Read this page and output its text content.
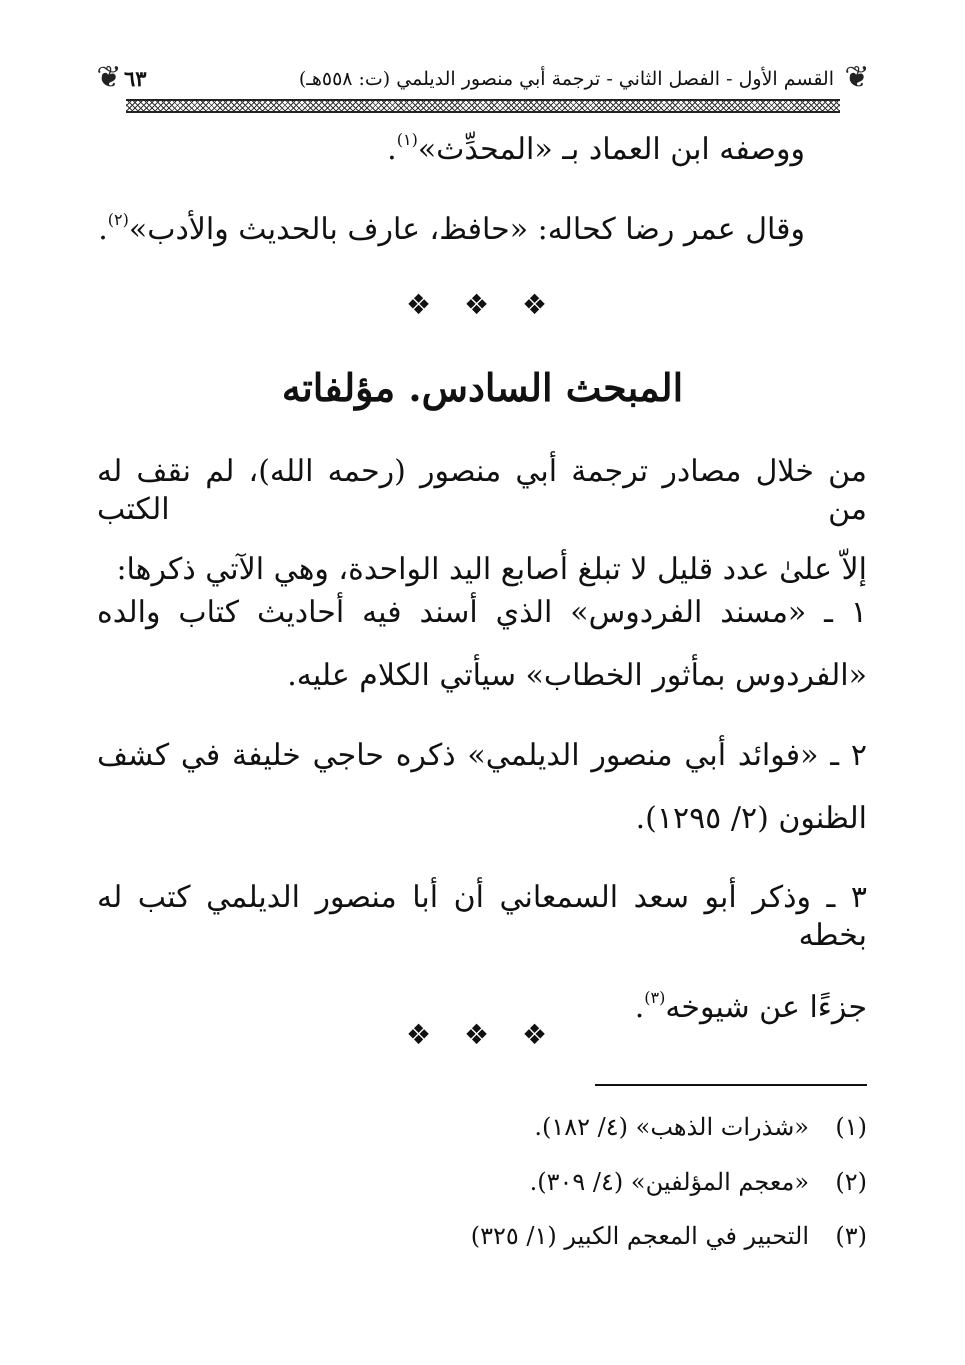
❦
القسم الأول - الفصل الثاني - ترجمة أبي منصور الديلمي (ت: ٥٥٨هـ)
٦٣
❦
ووصفه ابن العماد بـ «المحدِّث»$^{(١)}$.
وقال عمر رضا كحاله: «حافظ، عارف بالحديث والأدب»$^{(٢)}$.
❖ ❖ ❖
المبحث السادس. مؤلفاته
من خلال مصادر ترجمة أبي منصور (رحمه الله)، لم نقف له من الكتب
إلاّ علىٰ عدد قليل لا تبلغ أصابع اليد الواحدة، وهي الآتي ذكرها:
١ ـ «مسند الفردوس» الذي أسند فيه أحاديث كتاب والده
«الفردوس بمأثور الخطاب» سيأتي الكلام عليه.
٢ ـ «فوائد أبي منصور الديلمي» ذكره حاجي خليفة في كشف
الظنون (٢/ ١٢٩٥).
٣ ـ وذكر أبو سعد السمعاني أن أبا منصور الديلمي كتب له بخطه
جزءًا عن شيوخه$^{(٣)}$.
❖ ❖ ❖
(١)«شذرات الذهب» (٤/ ١٨٢).
(٢)«معجم المؤلفين» (٤/ ٣٠٩).
(٣)التحبير في المعجم الكبير (١/ ٣٢٥)
